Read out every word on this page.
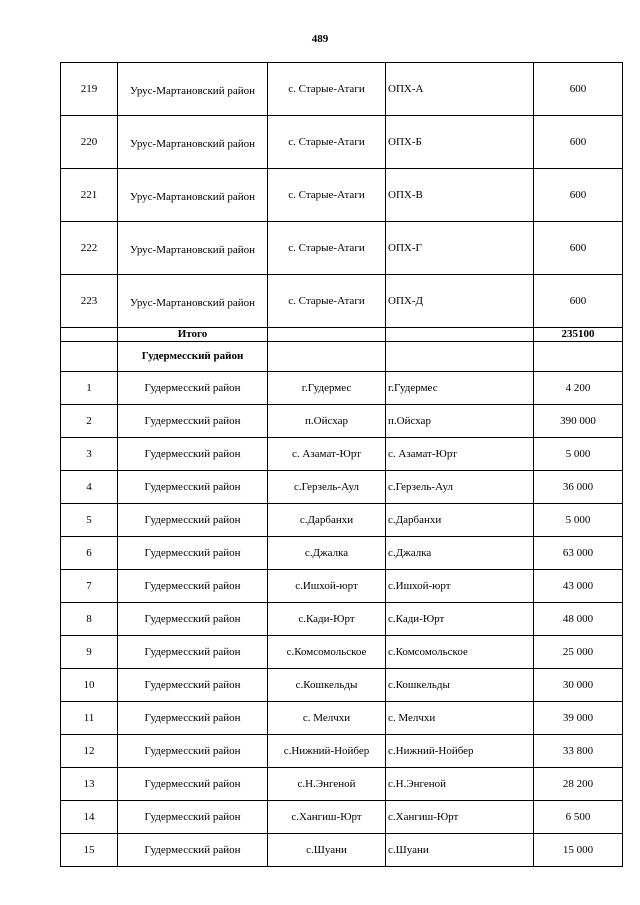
489
219	Урус-Мартановский район	с. Старые-Атаги	ОПХ-А	600
220	Урус-Мартановский район	с. Старые-Атаги	ОПХ-Б	600
221	Урус-Мартановский район	с. Старые-Атаги	ОПХ-В	600
222	Урус-Мартановский район	с. Старые-Атаги	ОПХ-Г	600
223	Урус-Мартановский район	с. Старые-Атаги	ОПХ-Д	600
	Итого			235100
	Гудермесский район			
1	Гудермесский район	г.Гудермес	г.Гудермес	4 200
2	Гудермесский район	п.Ойсхар	п.Ойсхар	390 000
3	Гудермесский район	с. Азамат-Юрт	с. Азамат-Юрт	5 000
4	Гудермесский район	с.Герзель-Аул	с.Герзель-Аул	36 000
5	Гудермесский район	с.Дарбанхи	с.Дарбанхи	5 000
6	Гудермесский район	с.Джалка	с.Джалка	63 000
7	Гудермесский район	с.Ишхой-юрт	с.Ишхой-юрт	43 000
8	Гудермесский район	с.Кади-Юрт	с.Кади-Юрт	48 000
9	Гудермесский район	с.Комсомольское	с.Комсомольское	25 000
10	Гудермесский район	с.Кошкельды	с.Кошкельды	30 000
11	Гудермесский район	с. Мелчхи	с. Мелчхи	39 000
12	Гудермесский район	с.Нижний-Нойбер	с.Нижний-Нойбер	33 800
13	Гудермесский район	с.Н.Энгеной	с.Н.Энгеной	28 200
14	Гудермесский район	с.Хангиш-Юрт	с.Хангиш-Юрт	6 500
15	Гудермесский район	с.Шуани	с.Шуани	15 000
